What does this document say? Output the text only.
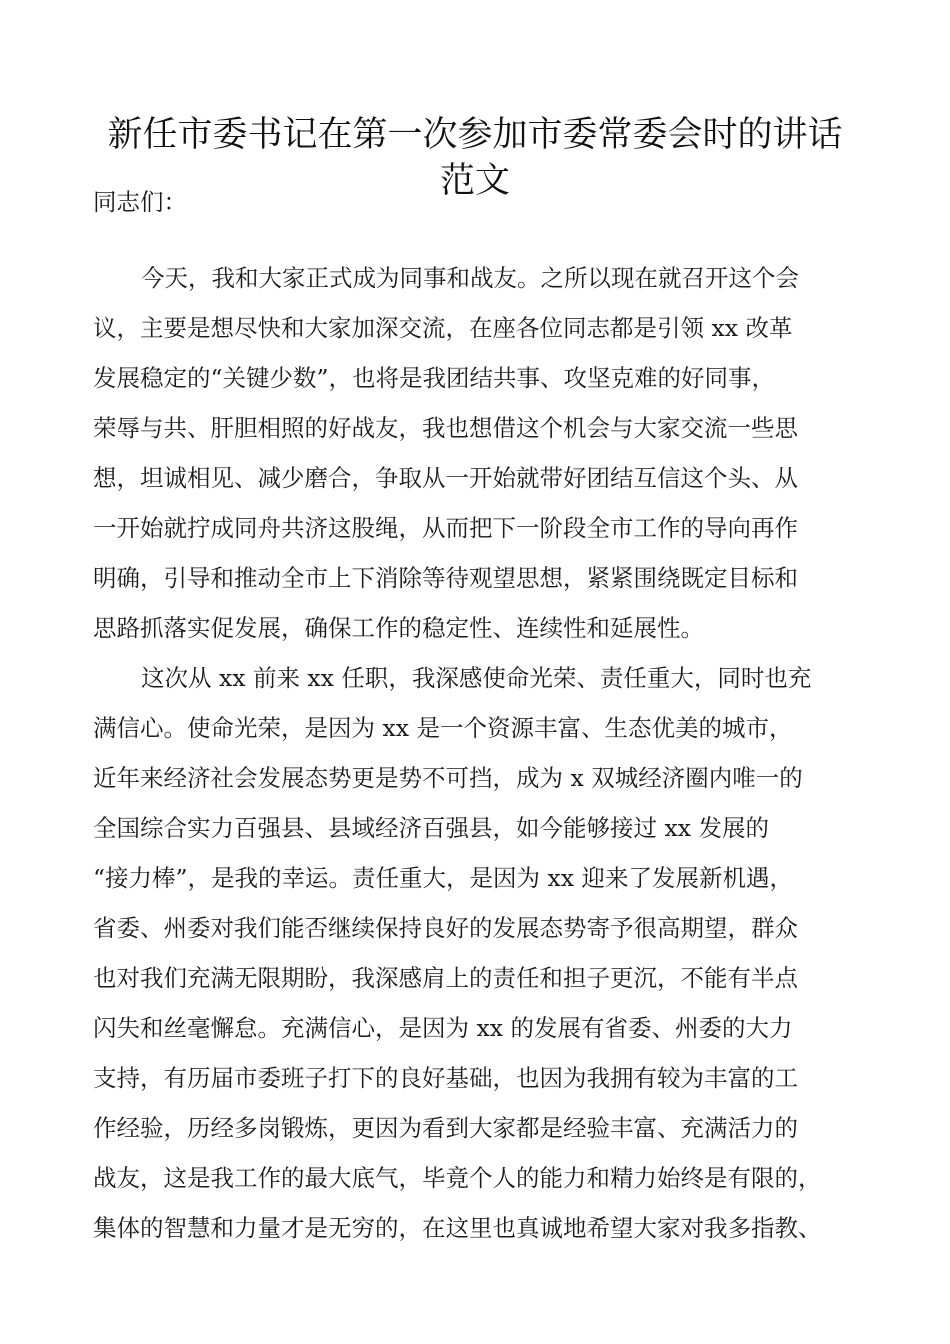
新任市委书记在第一次参加市委常委会时的讲话
范文
同志们：
今天，我和大家正式成为同事和战友。之所以现在就召开这个会
议，主要是想尽快和大家加深交流，在座各位同志都是引领 xx 改革
发展稳定的“关键少数”，也将是我团结共事、攻坚克难的好同事，
荣辱与共、肝胆相照的好战友，我也想借这个机会与大家交流一些思
想，坦诚相见、减少磨合，争取从一开始就带好团结互信这个头、从
一开始就拧成同舟共济这股绳，从而把下一阶段全市工作的导向再作
明确，引导和推动全市上下消除等待观望思想，紧紧围绕既定目标和
思路抓落实促发展，确保工作的稳定性、连续性和延展性。
这次从 xx 前来 xx 任职，我深感使命光荣、责任重大，同时也充
满信心。使命光荣，是因为 xx 是一个资源丰富、生态优美的城市，
近年来经济社会发展态势更是势不可挡，成为 x 双城经济圈内唯一的
全国综合实力百强县、县域经济百强县，如今能够接过 xx 发展的
“接力棒”，是我的幸运。责任重大，是因为 xx 迎来了发展新机遇，
省委、州委对我们能否继续保持良好的发展态势寄予很高期望，群众
也对我们充满无限期盼，我深感肩上的责任和担子更沉，不能有半点
闪失和丝毫懈怠。充满信心，是因为 xx 的发展有省委、州委的大力
支持，有历届市委班子打下的良好基础，也因为我拥有较为丰富的工
作经验，历经多岗锻炼，更因为看到大家都是经验丰富、充满活力的
战友，这是我工作的最大底气，毕竟个人的能力和精力始终是有限的，
集体的智慧和力量才是无穷的，在这里也真诚地希望大家对我多指教、
